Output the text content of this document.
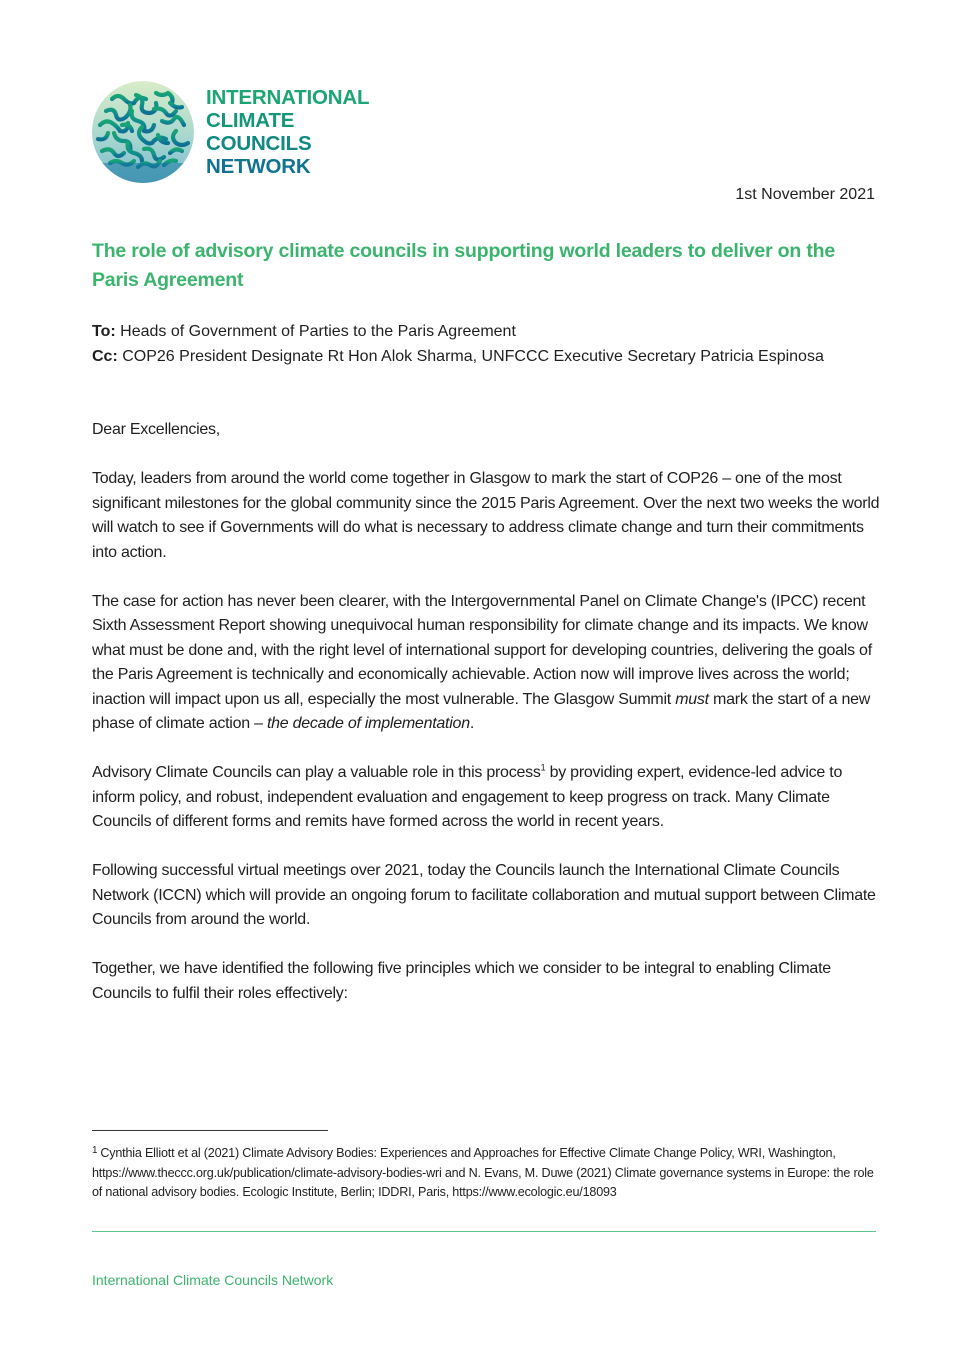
INTERNATIONAL
CLIMATE
COUNCILS
NETWORK
1st November 2021
The role of advisory climate councils in supporting world leaders to deliver on the Paris Agreement
To: Heads of Government of Parties to the Paris Agreement
Cc: COP26 President Designate Rt Hon Alok Sharma, UNFCCC Executive Secretary Patricia Espinosa

Dear Excellencies,

Today, leaders from around the world come together in Glasgow to mark the start of COP26 – one of the most significant milestones for the global community since the 2015 Paris Agreement. Over the next two weeks the world will watch to see if Governments will do what is necessary to address climate change and turn their commitments into action.

The case for action has never been clearer, with the Intergovernmental Panel on Climate Change's (IPCC) recent Sixth Assessment Report showing unequivocal human responsibility for climate change and its impacts. We know what must be done and, with the right level of international support for developing countries, delivering the goals of the Paris Agreement is technically and economically achievable. Action now will improve lives across the world; inaction will impact upon us all, especially the most vulnerable. The Glasgow Summit must mark the start of a new phase of climate action – the decade of implementation.

Advisory Climate Councils can play a valuable role in this process$^1$ by providing expert, evidence-led advice to inform policy, and robust, independent evaluation and engagement to keep progress on track. Many Climate Councils of different forms and remits have formed across the world in recent years.

Following successful virtual meetings over 2021, today the Councils launch the International Climate Councils Network (ICCN) which will provide an ongoing forum to facilitate collaboration and mutual support between Climate Councils from around the world.

Together, we have identified the following five principles which we consider to be integral to enabling Climate Councils to fulfil their roles effectively:

$^1$ Cynthia Elliott et al (2021) Climate Advisory Bodies: Experiences and Approaches for Effective Climate Change Policy, WRI, Washington, https://www.theccc.org.uk/publication/climate-advisory-bodies-wri and N. Evans, M. Duwe (2021) Climate governance systems in Europe: the role of national advisory bodies. Ecologic Institute, Berlin; IDDRI, Paris, https://www.ecologic.eu/18093
International Climate Councils Network
